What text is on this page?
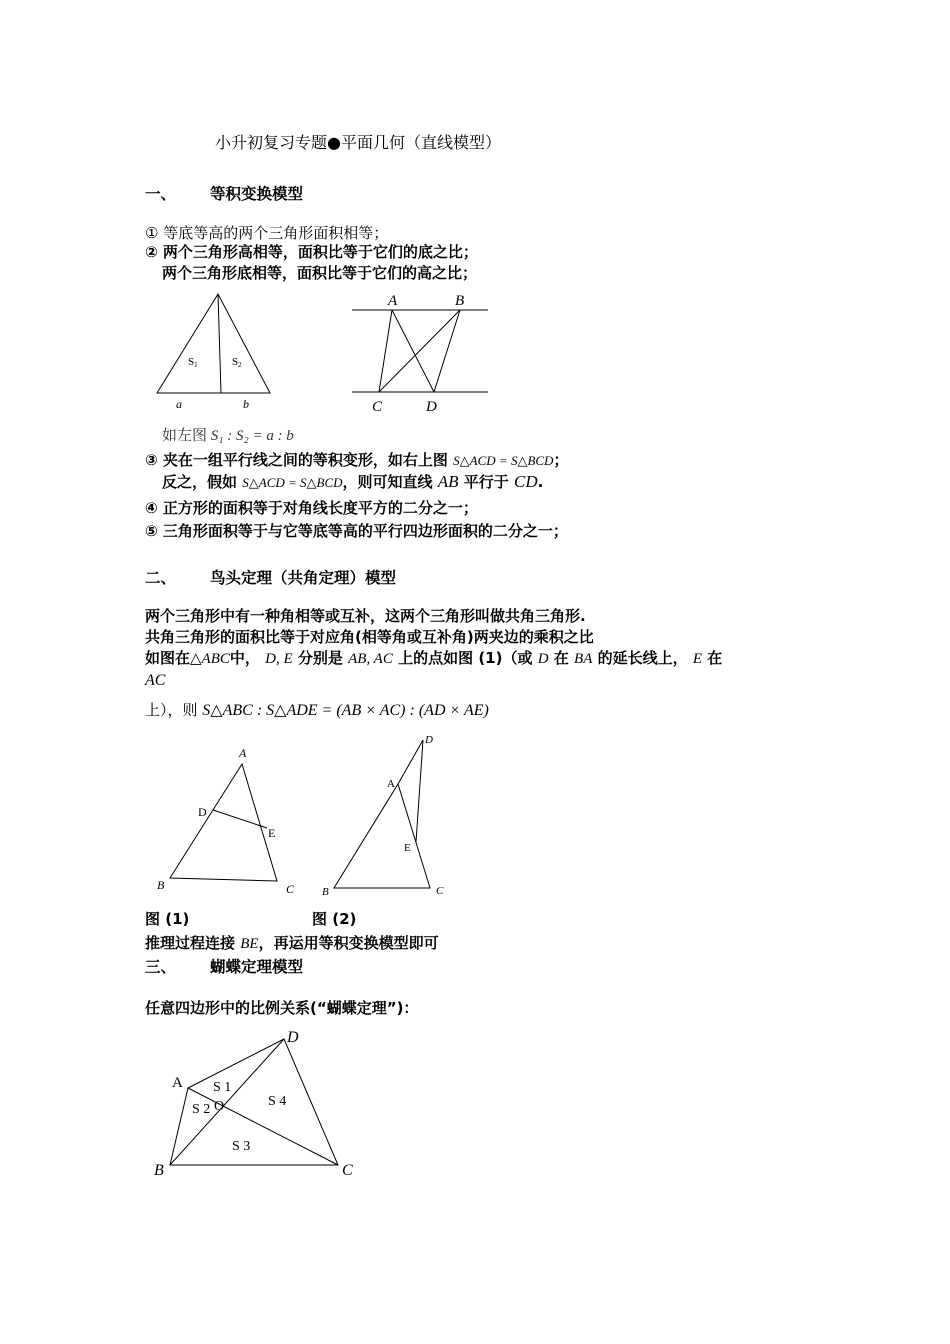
小升初复习专题●平面几何（直线模型）
一、 等积变换模型
① 等底等高的两个三角形面积相等；
② 两个三角形高相等，面积比等于它们的底之比；
两个三角形底相等，面积比等于它们的高之比；
S1	S2
a	b
A	B
C	D
如左图 S₁ : S₂ = a : b
③ 夹在一组平行线之间的等积变形，如右上图 S△ACD = S△BCD；
反之，假如 S△ACD = S△BCD，则可知直线 AB 平行于 CD.
④ 正方形的面积等于对角线长度平方的二分之一；
⑤ 三角形面积等于与它等底等高的平行四边形面积的二分之一；
二、 鸟头定理（共角定理）模型
两个三角形中有一种角相等或互补，这两个三角形叫做共角三角形.
共角三角形的面积比等于对应角(相等角或互补角)两夹边的乘积之比
如图在△ABC中， D, E 分别是 AB, AC 上的点如图 (1)（或 D 在 BA 的延长线上， E 在
AC
上），则 S△ABC : S△ADE = (AB × AC) : (AD × AE)
A
D
E
B	C
D
A
E
B	C
图 (1)	图 (2)
推理过程连接 BE，再运用等积变换模型即可
三、 蝴蝶定理模型
任意四边形中的比例关系(“蝴蝶定理”)：
D
A
B	C
O
S 1
S 2
S 3
S 4
